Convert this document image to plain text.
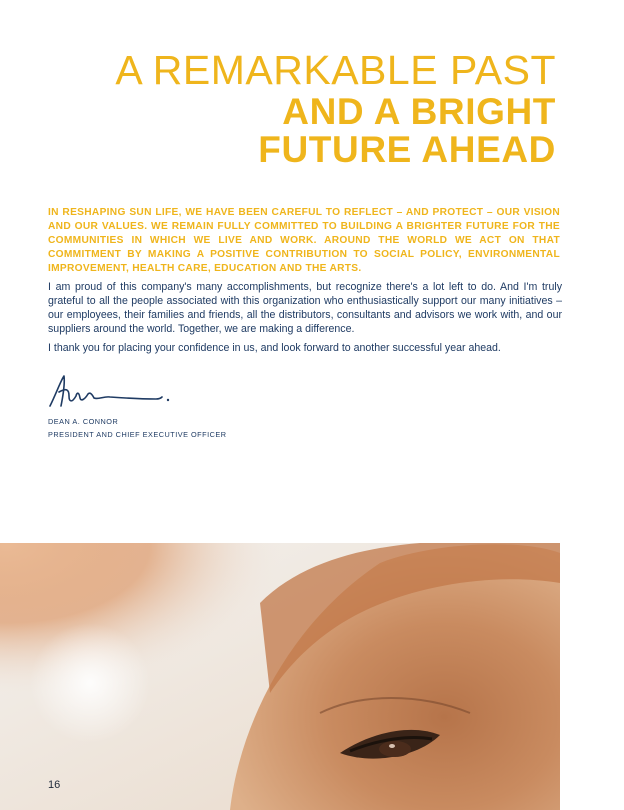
A REMARKABLE PAST
AND A BRIGHT
FUTURE AHEAD

IN RESHAPING SUN LIFE, WE HAVE BEEN CAREFUL TO REFLECT – AND PROTECT – OUR VISION AND OUR VALUES. WE REMAIN FULLY COMMITTED TO BUILDING A BRIGHTER FUTURE FOR THE COMMUNITIES IN WHICH WE LIVE AND WORK. AROUND THE WORLD WE ACT ON THAT COMMITMENT BY MAKING A POSITIVE CONTRIBUTION TO SOCIAL POLICY, ENVIRONMENTAL IMPROVEMENT, HEALTH CARE, EDUCATION AND THE ARTS.

I am proud of this company's many accomplishments, but recognize there's a lot left to do. And I'm truly grateful to all the people associated with this organization who enthusiastically support our many initiatives – our employees, their families and friends, all the distributors, consultants and advisors we work with, and our suppliers around the world. Together, we are making a difference.

I thank you for placing your confidence in us, and look forward to another successful year ahead.

DEAN A. CONNOR

PRESIDENT AND CHIEF EXECUTIVE OFFICER

16
